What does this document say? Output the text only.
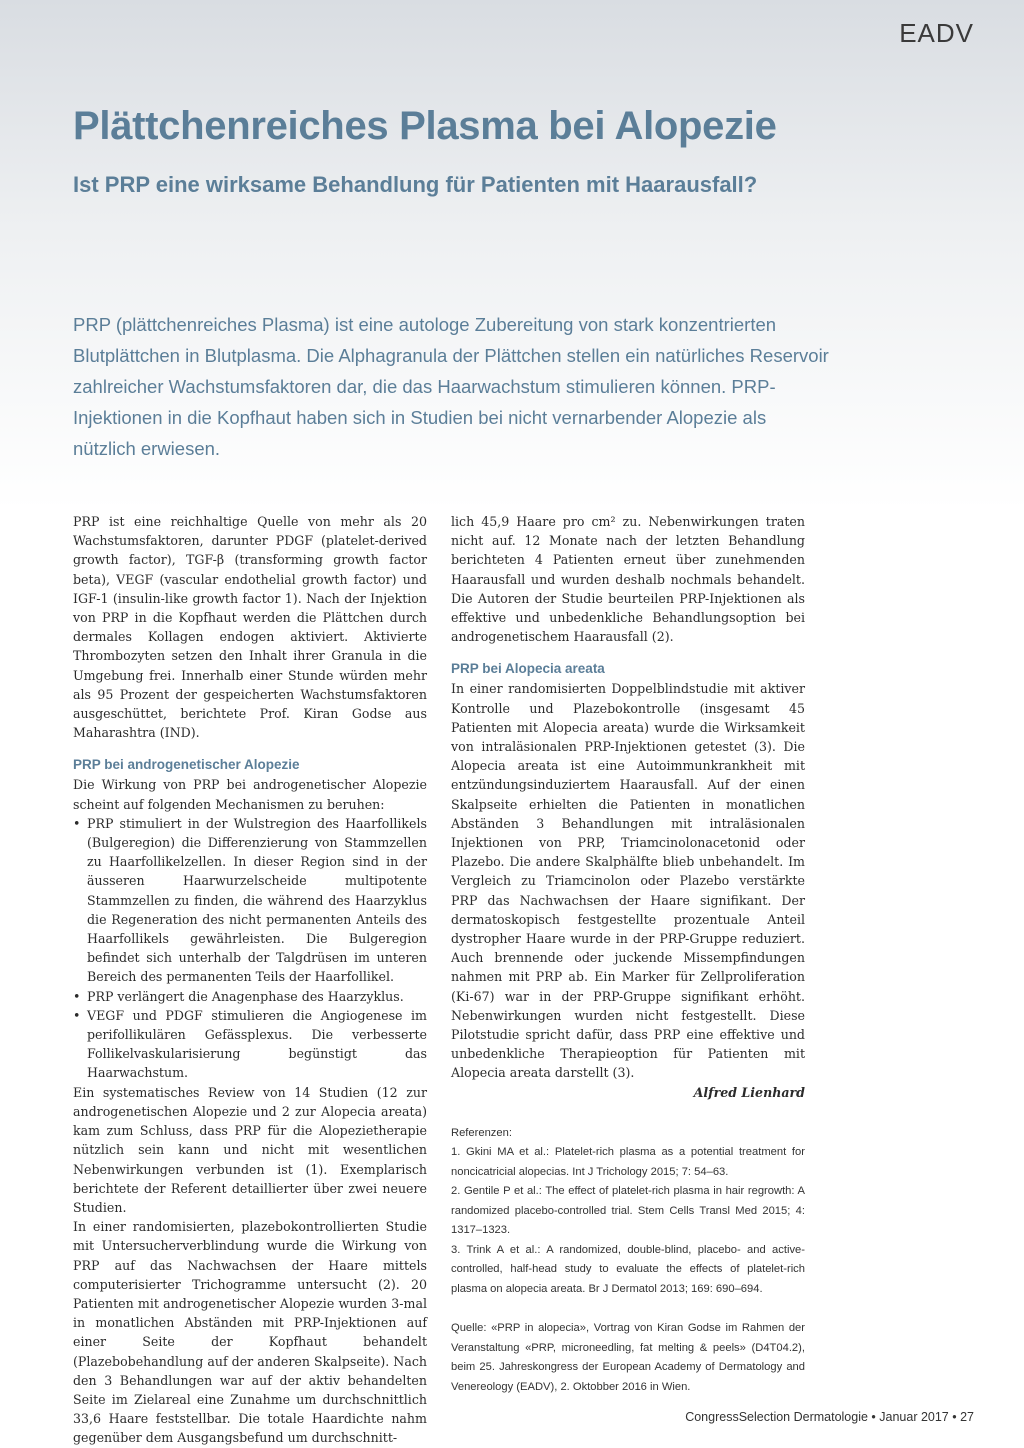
EADV
Plättchenreiches Plasma bei Alopezie
Ist PRP eine wirksame Behandlung für Patienten mit Haarausfall?

PRP (plättchenreiches Plasma) ist eine autologe Zubereitung von stark konzentrierten Blutplättchen in Blutplasma. Die Alphagranula der Plättchen stellen ein natürliches Reservoir zahlreicher Wachstumsfaktoren dar, die das Haarwachstum stimulieren können. PRP-Injektionen in die Kopfhaut haben sich in Studien bei nicht vernarbender Alopezie als nützlich erwiesen.

PRP ist eine reichhaltige Quelle von mehr als 20 Wachstumsfaktoren, darunter PDGF (platelet-derived growth factor), TGF-β (transforming growth factor beta), VEGF (vascular endothelial growth factor) und IGF-1 (insulin-like growth factor 1). Nach der Injektion von PRP in die Kopfhaut werden die Plättchen durch dermales Kollagen endogen aktiviert. Aktivierte Thrombozyten setzen den Inhalt ihrer Granula in die Umgebung frei. Innerhalb einer Stunde würden mehr als 95 Prozent der gespeicherten Wachstumsfaktoren ausgeschüttet, berichtete Prof. Kiran Godse aus Maharashtra (IND).

PRP bei androgenetischer Alopezie

Die Wirkung von PRP bei androgenetischer Alopezie scheint auf folgenden Mechanismen zu beruhen:

• PRP stimuliert in der Wulstregion des Haarfollikels (Bulgeregion) die Differenzierung von Stammzellen zu Haarfollikelzellen. In dieser Region sind in der äusseren Haarwurzelscheide multipotente Stammzellen zu finden, die während des Haarzyklus die Regeneration des nicht permanenten Anteils des Haarfollikels gewährleisten. Die Bulgeregion befindet sich unterhalb der Talgdrüsen im unteren Bereich des permanenten Teils der Haarfollikel.
• PRP verlängert die Anagenphase des Haarzyklus.
• VEGF und PDGF stimulieren die Angiogenese im perifollikulären Gefässplexus. Die verbesserte Follikelvaskularisierung begünstigt das Haarwachstum.

Ein systematisches Review von 14 Studien (12 zur androgenetischen Alopezie und 2 zur Alopecia areata) kam zum Schluss, dass PRP für die Alopezietherapie nützlich sein kann und nicht mit wesentlichen Nebenwirkungen verbunden ist (1). Exemplarisch berichtete der Referent detaillierter über zwei neuere Studien.

In einer randomisierten, plazebokontrollierten Studie mit Untersucherverblindung wurde die Wirkung von PRP auf das Nachwachsen der Haare mittels computerisierter Trichogramme untersucht (2). 20 Patienten mit androgenetischer Alopezie wurden 3-mal in monatlichen Abständen mit PRP-Injektionen auf einer Seite der Kopfhaut behandelt (Plazebobehandlung auf der anderen Skalpseite). Nach den 3 Behandlungen war auf der aktiv behandelten Seite im Zielareal eine Zunahme um durchschnittlich 33,6 Haare feststellbar. Die totale Haardichte nahm gegenüber dem Ausgangsbefund um durchschnitt-

lich 45,9 Haare pro cm² zu. Nebenwirkungen traten nicht auf. 12 Monate nach der letzten Behandlung berichteten 4 Patienten erneut über zunehmenden Haarausfall und wurden deshalb nochmals behandelt. Die Autoren der Studie beurteilen PRP-Injektionen als effektive und unbedenkliche Behandlungsoption bei androgenetischem Haarausfall (2).

PRP bei Alopecia areata

In einer randomisierten Doppelblindstudie mit aktiver Kontrolle und Plazebokontrolle (insgesamt 45 Patienten mit Alopecia areata) wurde die Wirksamkeit von intraläsionalen PRP-Injektionen getestet (3). Die Alopecia areata ist eine Autoimmunkrankheit mit entzündungsinduziertem Haarausfall. Auf der einen Skalpseite erhielten die Patienten in monatlichen Abständen 3 Behandlungen mit intraläsionalen Injektionen von PRP, Triamcinolonacetonid oder Plazebo. Die andere Skalphälfte blieb unbehandelt. Im Vergleich zu Triamcinolon oder Plazebo verstärkte PRP das Nachwachsen der Haare signifikant. Der dermatoskopisch festgestellte prozentuale Anteil dystropher Haare wurde in der PRP-Gruppe reduziert. Auch brennende oder juckende Missempfindungen nahmen mit PRP ab. Ein Marker für Zellproliferation (Ki-67) war in der PRP-Gruppe signifikant erhöht. Nebenwirkungen wurden nicht festgestellt. Diese Pilotstudie spricht dafür, dass PRP eine effektive und unbedenkliche Therapieoption für Patienten mit Alopecia areata darstellt (3).

Alfred Lienhard

Referenzen:

1. Gkini MA et al.: Platelet-rich plasma as a potential treatment for noncicatricial alopecias. Int J Trichology 2015; 7: 54–63.

2. Gentile P et al.: The effect of platelet-rich plasma in hair regrowth: A randomized placebo-controlled trial. Stem Cells Transl Med 2015; 4: 1317–1323.

3. Trink A et al.: A randomized, double-blind, placebo- and active-controlled, half-head study to evaluate the effects of platelet-rich plasma on alopecia areata. Br J Dermatol 2013; 169: 690–694.

Quelle: «PRP in alopecia», Vortrag von Kiran Godse im Rahmen der Veranstaltung «PRP, microneedling, fat melting & peels» (D4T04.2), beim 25. Jahreskongress der European Academy of Dermatology and Venereology (EADV), 2. Oktobber 2016 in Wien.

CongressSelection Dermatologie • Januar 2017 • 27
